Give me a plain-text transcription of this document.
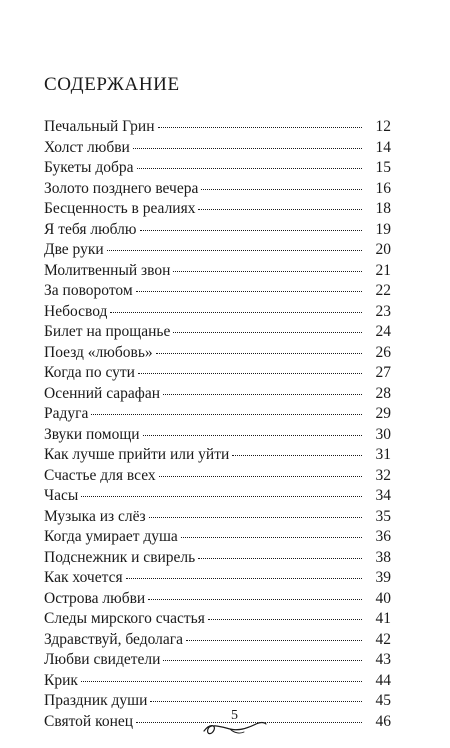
СОДЕРЖАНИЕ
Печальный Грин	12
Холст любви	14
Букеты добра	15
Золото позднего вечера	16
Бесценность в реалиях	18
Я тебя люблю	19
Две руки	20
Молитвенный звон	21
За поворотом	22
Небосвод	23
Билет на прощанье	24
Поезд «любовь»	26
Когда по сути	27
Осенний сарафан	28
Радуга	29
Звуки помощи	30
Как лучше прийти или уйти	31
Счастье для всех	32
Часы	34
Музыка из слёз	35
Когда умирает душа	36
Подснежник и свирель	38
Как хочется	39
Острова любви	40
Следы мирского счастья	41
Здравствуй, бедолага	42
Любви свидетели	43
Крик	44
Праздник души	45
Святой конец	46
5
